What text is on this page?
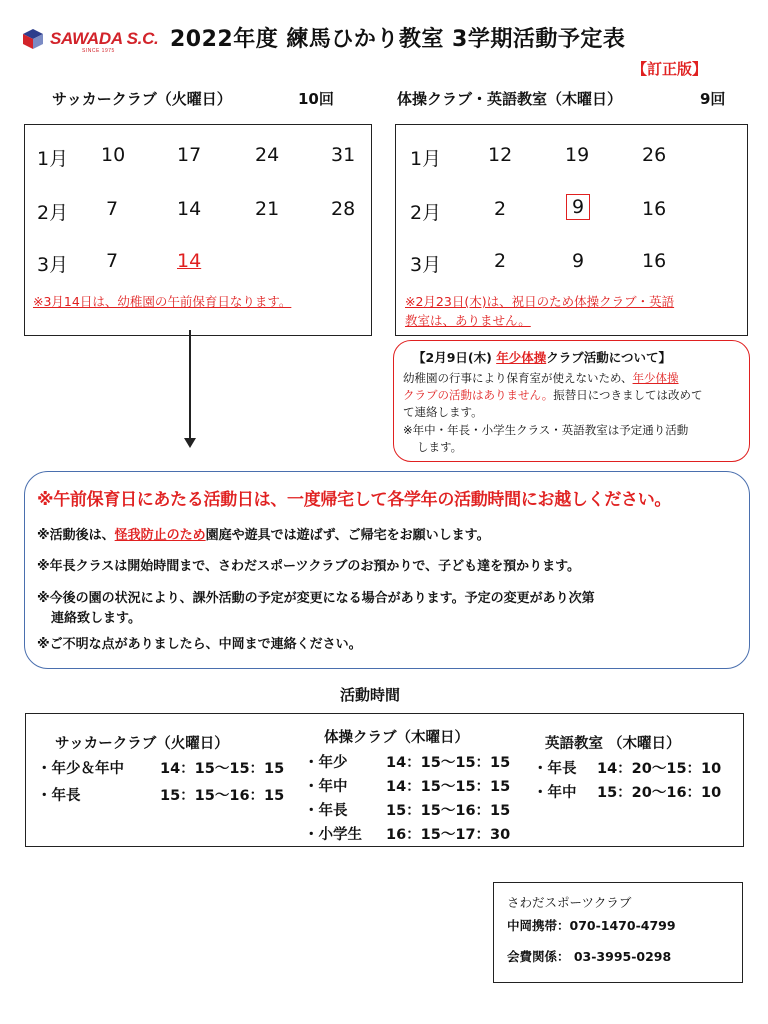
SAWADA S.C.
SINCE 1975	2022年度 練馬ひかり教室 3学期活動予定表
【訂正版】
サッカークラブ（火曜日）	10回
1月 10	17	24	31
2月 7	14	21	28
3月 7	14
※3月14日は、幼稚園の午前保育日なります。
体操クラブ・英語教室（木曜日）	9回
1月 12	19	26
2月	2	9	16
3月	2	9	16
※2月23日(木)は、祝日のため体操クラブ・英語
教室は、ありません。
【2月9日(木) 年少体操クラブ活動について】
幼稚園の行事により保育室が使えないため、年少体操
クラブの活動はありません。振替日につきましては改めて
て連絡します。
※年中・年長・小学生クラス・英語教室は予定通り活動
します。
※午前保育日にあたる活動日は、一度帰宅して各学年の活動時間にお越しください。
※活動後は、怪我防止のため園庭や遊具では遊ばず、ご帰宅をお願いします。
※年長クラスは開始時間まで、さわだスポーツクラブのお預かりで、子ども達を預かります。
※今後の園の状況により、課外活動の予定が変更になる場合があります。予定の変更があり次第
連絡致します。
※ご不明な点がありましたら、中岡まで連絡ください。
活動時間
サッカークラブ（火曜日）
・年少＆年中 14：15〜15：15
・年長	15：15〜16：15
体操クラブ（木曜日）
・年少	14：15〜15：15
・年中	14：15〜15：15
・年長	15：15〜16：15
・小学生 16：15〜17：30
英語教室 （木曜日）
・年長 14：20〜15：10
・年中 15：20〜16：10
さわだスポーツクラブ
中岡携帯：070-1470-4799
会費関係： 03-3995-0298
